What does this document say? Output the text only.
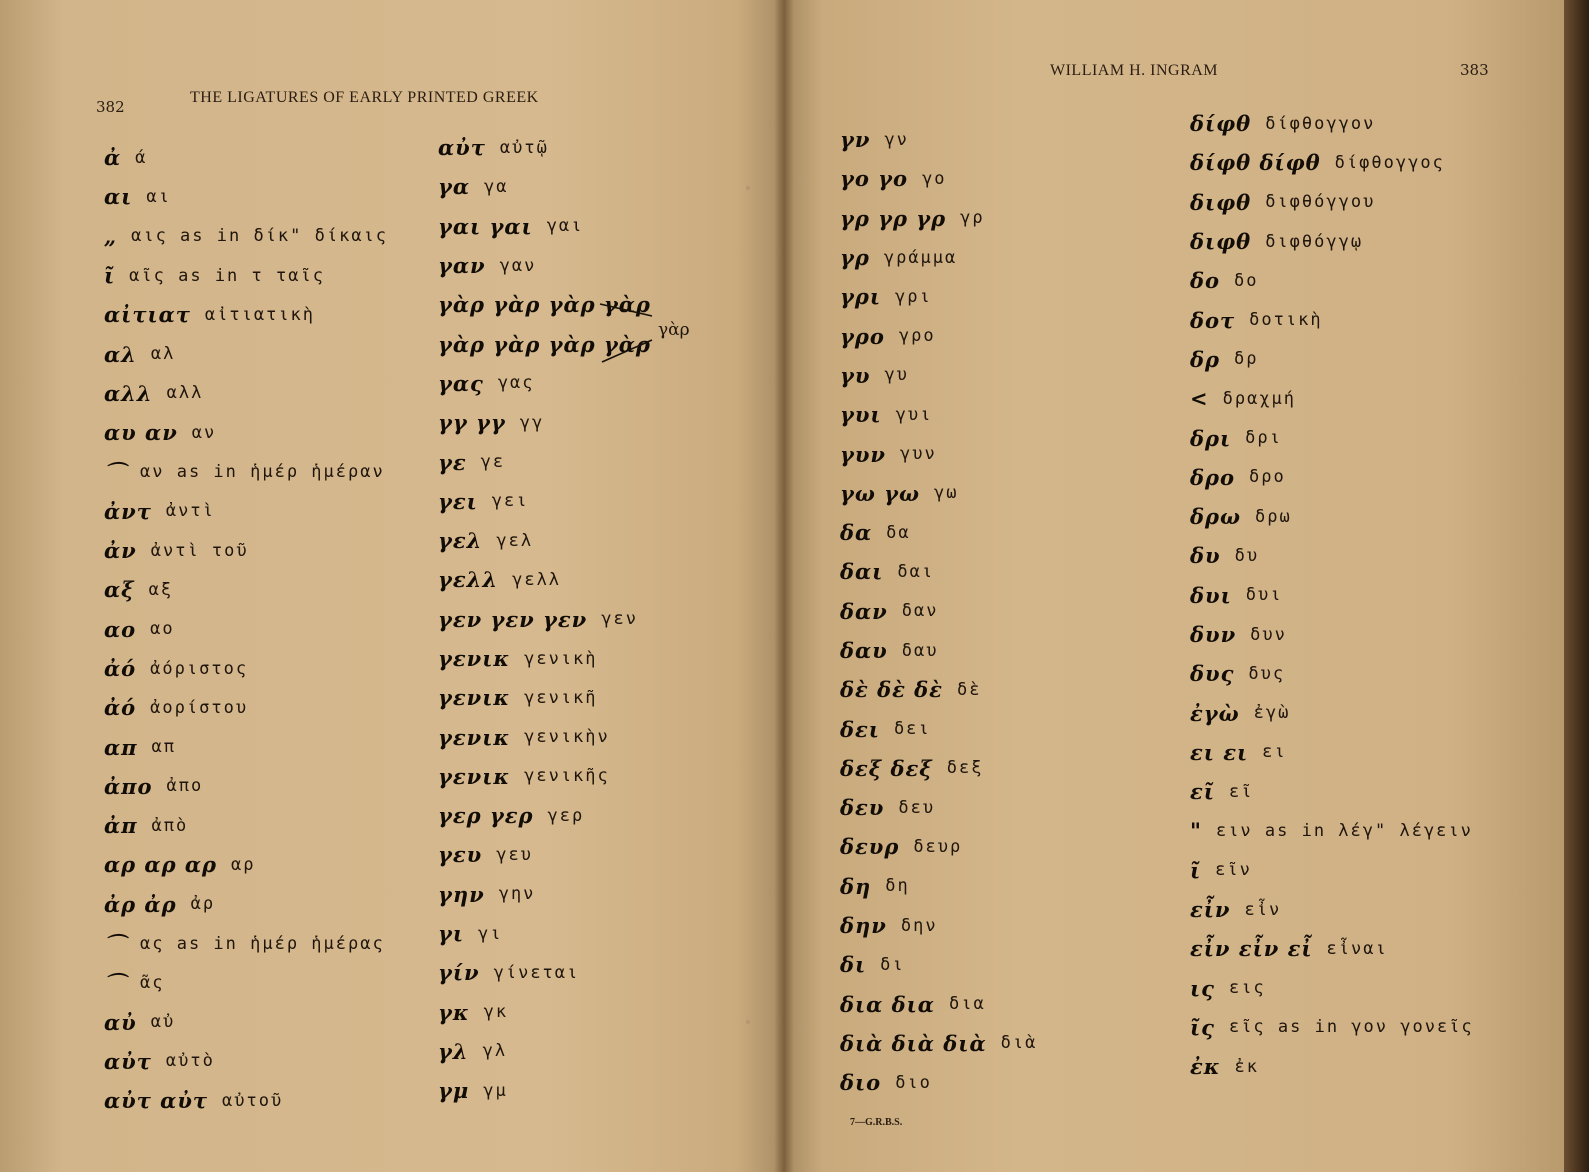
382
THE LIGATURES OF EARLY PRINTED GREEK
ἀ ά
αι αι
„ αις as in δίκ" δίκαις
ῖ αῖς as in τ ταῖς
αἰτιατ αἰτιατικὴ
αλ αλ
αλλ αλλ
αυ αν αν
⌒ αν as in ἡμέρ ἡμέραν
ἀντ ἀντὶ
ἀν ἀντὶ τοῦ
αξ αξ
αο αο
ἀό ἀόριστος
ἀό ἀορίστου
απ απ
ἀπο ἀπο
ἀπ ἀπὸ
αρ αρ αρ αρ
ἀρ ἀρ ἀρ
⌒ ας as in ἡμέρ ἡμέρας
⌒ ᾶς
αὐ αὐ
αὐτ αὐτὸ
αὐτ αὐτ αὐτοῦ
αὐτ αὐτῷ
γα γα
γαι γαι γαι
γαν γαν
γὰρ γὰρ γὰρ γὰρ
γὰρ γὰρ γὰρ γὰρ
γας γας
γγ γγ γγ
γε γε
γει γει
γελ γελ
γελλ γελλ
γεν γεν γεν γεν
γενικ γενικὴ
γενικ γενικῆ
γενικ γενικὴν
γενικ γενικῆς
γερ γερ γερ
γευ γευ
γην γην
γι γι
γίν γίνεται
γκ γκ
γλ γλ
γμ γμ
γὰρ
WILLIAM H. INGRAM	383
γν γν
γο γο γο
γρ γρ γρ γρ
γρ γράμμα
γρι γρι
γρο γρο
γυ γυ
γυι γυι
γυν γυν
γω γω γω
δα δα
δαι δαι
δαν δαν
δαυ δαυ
δὲ δὲ δὲ δὲ
δει δει
δεξ δεξ δεξ
δευ δευ
δευρ δευρ
δη δη
δην δην
δι δι
δια δια δια
διὰ διὰ διὰ διὰ
διο διο
δίφθ δίφθογγον
δίφθ δίφθ δίφθογγος
διφθ διφθόγγου
διφθ διφθόγγῳ
δο δο
δοτ δοτικὴ
δρ δρ
< δραχμή
δρι δρι
δρο δρο
δρω δρω
δυ δυ
δυι δυι
δυν δυν
δυς δυς
ἐγὼ ἐγὼ
ει ει ει
εῖ εῖ
" ειν as in λέγ" λέγειν
ῖ εῖν
εἶν εἶν
εἶν εἶν εἶ εἶναι
ις εις
ῖς εῖς as in γον γονεῖς
ἐκ ἐκ
7—G.R.B.S.
